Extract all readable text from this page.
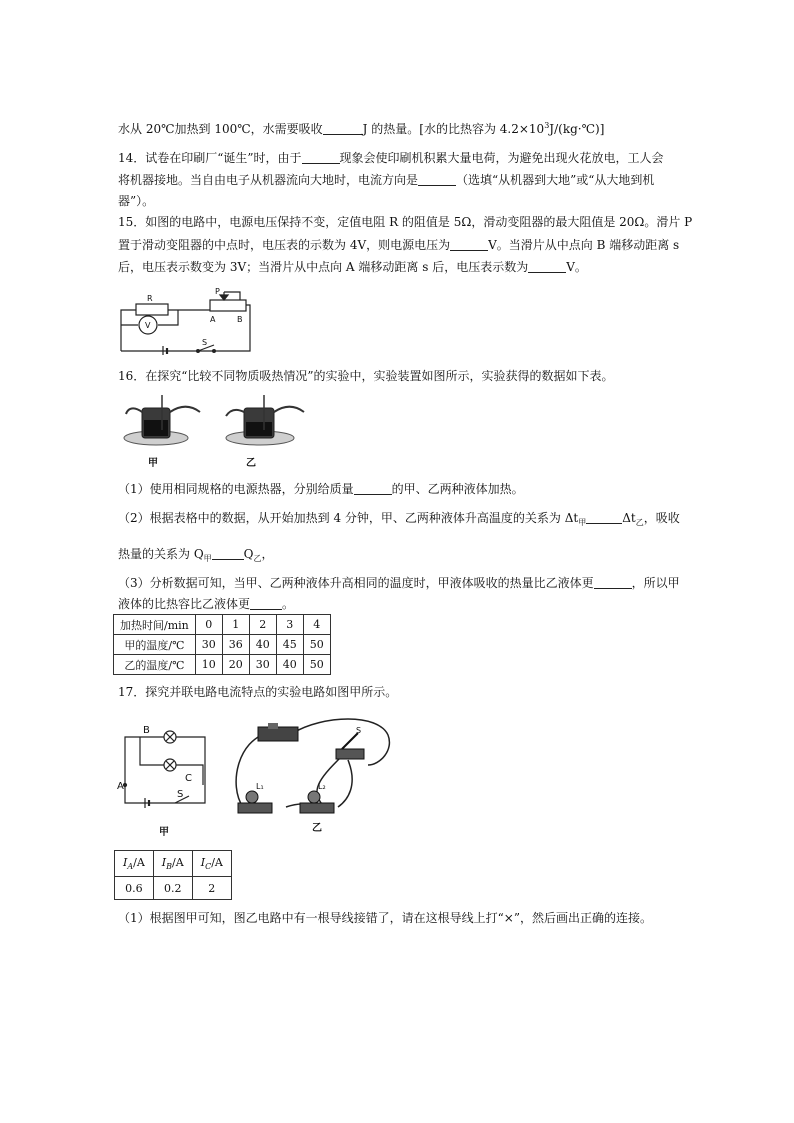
水从 20℃加热到 100℃，水需要吸收	J 的热量。[水的比热容为 $4.2\times 10^3J/(kg\cdot℃)$]
14．试卷在印刷厂“诞生”时，由于	现象会使印刷机积累大量电荷，为避免出现火花放电，工人会
将机器接地。当自由电子从机器流向大地时，电流方向是	（选填“从机器到大地”或“从大地到机
器”）。
15．如图的电路中，电源电压保持不变，定值电阻 R 的阻值是 5Ω，滑动变阻器的最大阻值是 20Ω。滑片 P
置于滑动变阻器的中点时，电压表的示数为 4V，则电源电压为	V。当滑片从中点向 B 端移动距离 s
后，电压表示数变为 3V；当滑片从中点向 A 端移动距离 s 后，电压表示数为	V。
R
P
A	B
V
S
16．在探究“比较不同物质吸热情况”的实验中，实验装置如图所示，实验获得的数据如下表。
甲	乙
（1）使用相同规格的电源热器，分别给质量	的甲、乙两种液体加热。
（2）根据表格中的数据，从开始加热到 4 分钟，甲、乙两种液体升高温度的关系为 $\Delta t_甲$	$\Delta t_乙$，吸收
热量的关系为 $Q_甲$	$Q_乙$，
（3）分析数据可知，当甲、乙两种液体升高相同的温度时，甲液体吸收的热量比乙液体更	，所以甲
液体的比热容比乙液体更	。
加热时间/min	0	1	2	3	4
甲的温度/℃	30	36	40	45	50
乙的温度/℃	10	20	30	40	50
17．探究并联电路电流特点的实验电路如图甲所示。
B
A
C
S
甲
L₁	L₂
S
乙
$I_A/A$	$I_B/A$	$I_C/A$
0.6	0.2	2
（1）根据图甲可知，图乙电路中有一根导线接错了，请在这根导线上打“×”，然后画出正确的连接。
